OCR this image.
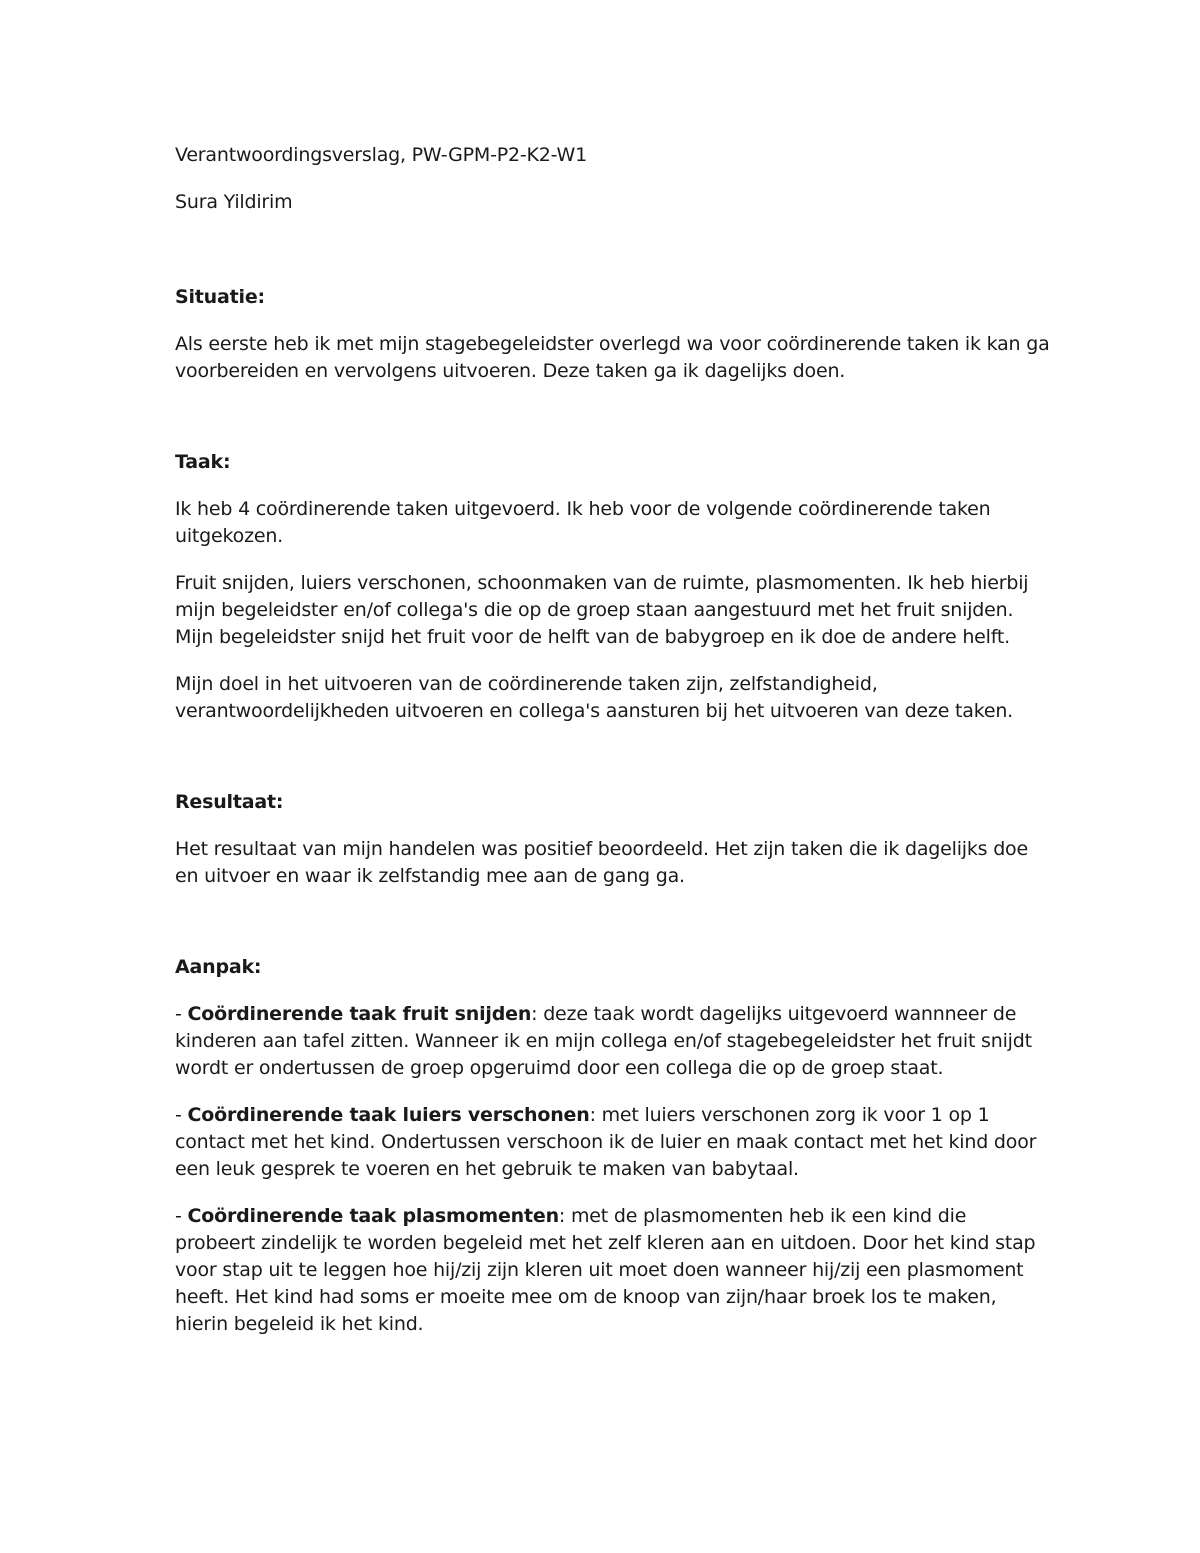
Verantwoordingsverslag, PW-GPM-P2-K2-W1

Sura Yildirim

Situatie:

Als eerste heb ik met mijn stagebegeleidster overlegd wa voor coördinerende taken ik kan ga voorbereiden en vervolgens uitvoeren. Deze taken ga ik dagelijks doen.

Taak:

Ik heb 4 coördinerende taken uitgevoerd. Ik heb voor de volgende coördinerende taken uitgekozen.

Fruit snijden, luiers verschonen, schoonmaken van de ruimte, plasmomenten. Ik heb hierbij mijn begeleidster en/of collega's die op de groep staan aangestuurd met het fruit snijden. Mijn begeleidster snijd het fruit voor de helft van de babygroep en ik doe de andere helft.

Mijn doel in het uitvoeren van de coördinerende taken zijn, zelfstandigheid, verantwoordelijkheden uitvoeren en collega's aansturen bij het uitvoeren van deze taken.

Resultaat:

Het resultaat van mijn handelen was positief beoordeeld. Het zijn taken die ik dagelijks doe en uitvoer en waar ik zelfstandig mee aan de gang ga.

Aanpak:

- Coördinerende taak fruit snijden: deze taak wordt dagelijks uitgevoerd wannneer de kinderen aan tafel zitten. Wanneer ik en mijn collega en/of stagebegeleidster het fruit snijdt wordt er ondertussen de groep opgeruimd door een collega die op de groep staat.

- Coördinerende taak luiers verschonen: met luiers verschonen zorg ik voor 1 op 1 contact met het kind. Ondertussen verschoon ik de luier en maak contact met het kind door een leuk gesprek te voeren en het gebruik te maken van babytaal.

- Coördinerende taak plasmomenten: met de plasmomenten heb ik een kind die probeert zindelijk te worden begeleid met het zelf kleren aan en uitdoen. Door het kind stap voor stap uit te leggen hoe hij/zij zijn kleren uit moet doen wanneer hij/zij een plasmoment heeft. Het kind had soms er moeite mee om de knoop van zijn/haar broek los te maken, hierin begeleid ik het kind.
